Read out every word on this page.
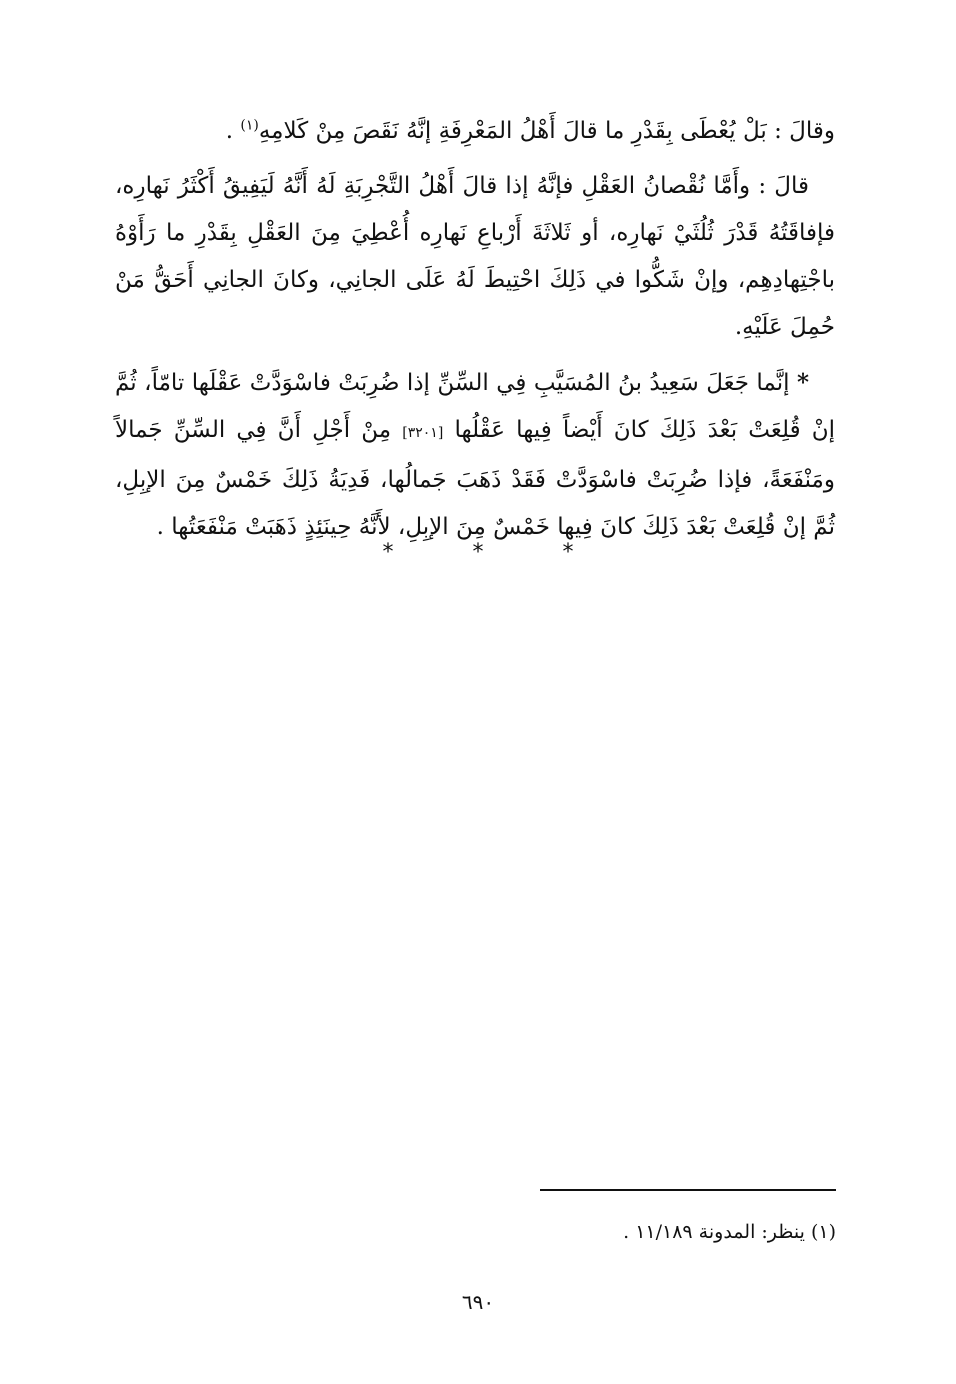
وقالَ : بَلْ يُعْطَى بِقَدْرِ ما قالَ أَهْلُ المَعْرِفَةِ إنَّهُ نَقَصَ مِنْ كَلامِهِ$^{(١)}$ .

قالَ : وأَمَّا نُقْصانُ العَقْلِ فإنَّهُ إذا قالَ أَهْلُ التَّجْرِبَةِ لَهُ أَنَّهُ لَيَفِيقُ أَكْثَرُ نَهارِه، فإفاقَتُهُ قَدْرَ ثُلُثَيْ نَهارِه، أو ثَلاثَةَ أَرْباعِ نَهارِه أُعْطِيَ مِنَ العَقْلِ بِقَدْرِ ما رَأَوْهُ باجْتِهادِهِم، وإنْ شَكُّوا في ذَلِكَ احْتِيطَ لَهُ عَلَى الجانِي، وكانَ الجانِي أَحَقُّ مَنْ حُمِلَ عَلَيْهِ.

* إنَّما جَعَلَ سَعِيدُ بنُ المُسَيَّبِ فِي السِّنِّ إذا ضُرِبَتْ فاسْوَدَّتْ عَقْلَها تامّاً، ثُمَّ إنْ قُلِعَتْ بَعْدَ ذَلِكَ كانَ أَيْضاً فِيها عَقْلُها [٣٢٠١] مِنْ أَجْلِ أَنَّ فِي السِّنِّ جَمالاً ومَنْفَعَةً، فإذا ضُرِبَتْ فاسْوَدَّتْ فَقَدْ ذَهَبَ جَمالُها، فَدِيَةُ ذَلِكَ خَمْسٌ مِنَ الإبِلِ، ثُمَّ إنْ قُلِعَتْ بَعْدَ ذَلِكَ كانَ فِيها خَمْسٌ مِنَ الإبِلِ، لأَنَّهُ حِينَئِذٍ ذَهَبَتْ مَنْفَعَتُها .

* * *
(١) ينظر: المدونة ١١/١٨٩ .
٦٩٠
